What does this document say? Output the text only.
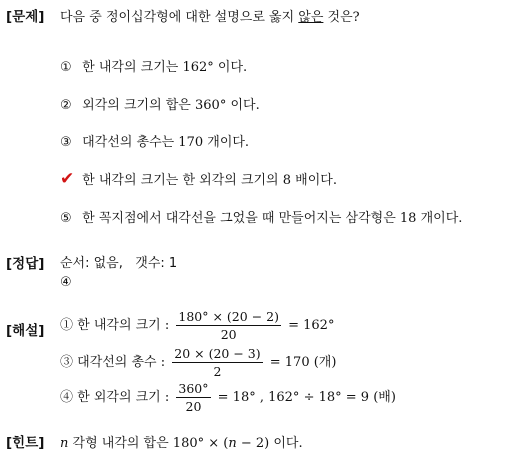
[문제] 다음 중 정이십각형에 대한 설명으로 옳지 않은 것은?
① 한 내각의 크기는 162° 이다.
② 외각의 크기의 합은 360° 이다.
③ 대각선의 총수는 170 개이다.
✔ 한 내각의 크기는 한 외각의 크기의 8 배이다.
⑤ 한 꼭지점에서 대각선을 그었을 때 만들어지는 삼각형은 18 개이다.
[정답] 순서: 없음, 갯수: 1
④
[해설] ① 한 내각의 크기 : $\frac{180^\circ \times (20 - 2)}{20} = 162^\circ$
③ 대각선의 총수 : $\frac{20 \times (20 - 3)}{2} = 170$ (개)
④ 한 외각의 크기 : $\frac{360^\circ}{20} = 18^\circ$ , 162° ÷ 18° = 9 (배)
[힌트] n 각형 내각의 합은 180° × (n − 2) 이다.
